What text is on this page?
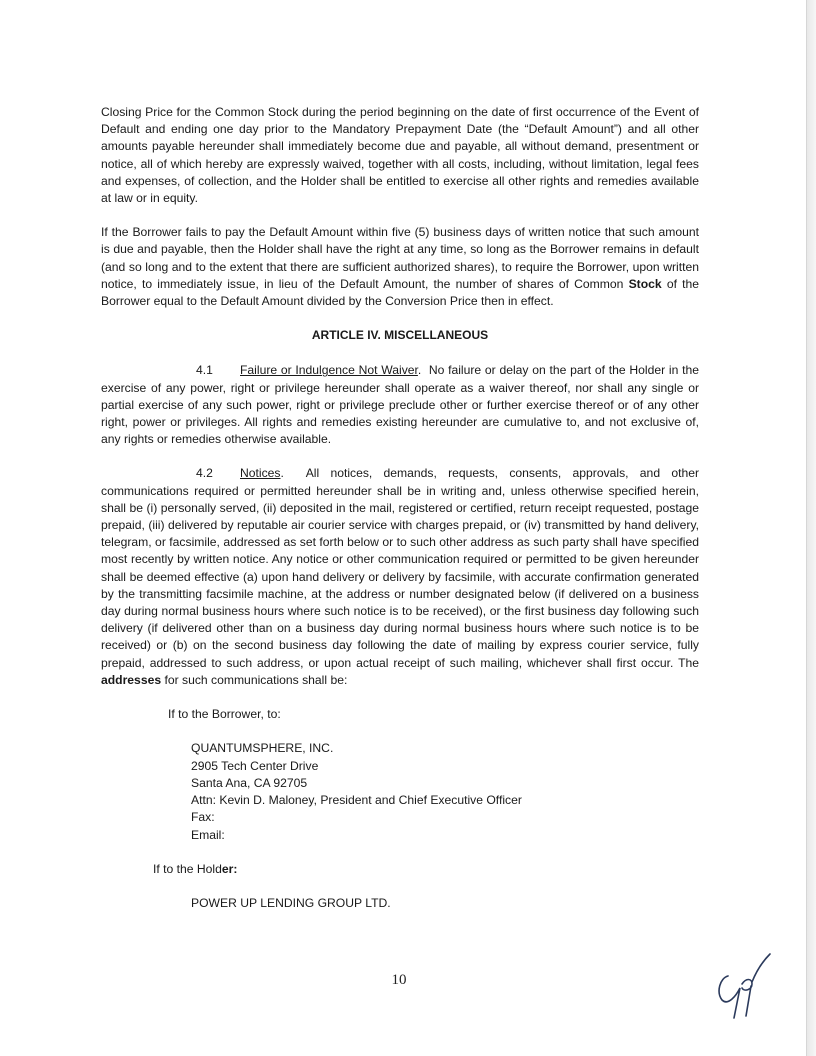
Closing Price for the Common Stock during the period beginning on the date of first occurrence of the Event of Default and ending one day prior to the Mandatory Prepayment Date (the “Default Amount”) and all other amounts payable hereunder shall immediately become due and payable, all without demand, presentment or notice, all of which hereby are expressly waived, together with all costs, including, without limitation, legal fees and expenses, of collection, and the Holder shall be entitled to exercise all other rights and remedies available at law or in equity.

If the Borrower fails to pay the Default Amount within five (5) business days of written notice that such amount is due and payable, then the Holder shall have the right at any time, so long as the Borrower remains in default (and so long and to the extent that there are sufficient authorized shares), to require the Borrower, upon written notice, to immediately issue, in lieu of the Default Amount, the number of shares of Common Stock of the Borrower equal to the Default Amount divided by the Conversion Price then in effect.

ARTICLE IV. MISCELLANEOUS

4.1 Failure or Indulgence Not Waiver.  No failure or delay on the part of the Holder in the exercise of any power, right or privilege hereunder shall operate as a waiver thereof, nor shall any single or partial exercise of any such power, right or privilege preclude other or further exercise thereof or of any other right, power or privileges. All rights and remedies existing hereunder are cumulative to, and not exclusive of, any rights or remedies otherwise available.

4.2 Notices.  All notices, demands, requests, consents, approvals, and other communications required or permitted hereunder shall be in writing and, unless otherwise specified herein, shall be (i) personally served, (ii) deposited in the mail, registered or certified, return receipt requested, postage prepaid, (iii) delivered by reputable air courier service with charges prepaid, or (iv) transmitted by hand delivery, telegram, or facsimile, addressed as set forth below or to such other address as such party shall have specified most recently by written notice. Any notice or other communication required or permitted to be given hereunder shall be deemed effective (a) upon hand delivery or delivery by facsimile, with accurate confirmation generated by the transmitting facsimile machine, at the address or number designated below (if delivered on a business day during normal business hours where such notice is to be received), or the first business day following such delivery (if delivered other than on a business day during normal business hours where such notice is to be received) or (b) on the second business day following the date of mailing by express courier service, fully prepaid, addressed to such address, or upon actual receipt of such mailing, whichever shall first occur. The addresses for such communications shall be:

If to the Borrower, to:

QUANTUMSPHERE, INC.
2905 Tech Center Drive
Santa Ana, CA 92705
Attn: Kevin D. Maloney, President and Chief Executive Officer
Fax:
Email:

If to the Holder:

POWER UP LENDING GROUP LTD.

10
